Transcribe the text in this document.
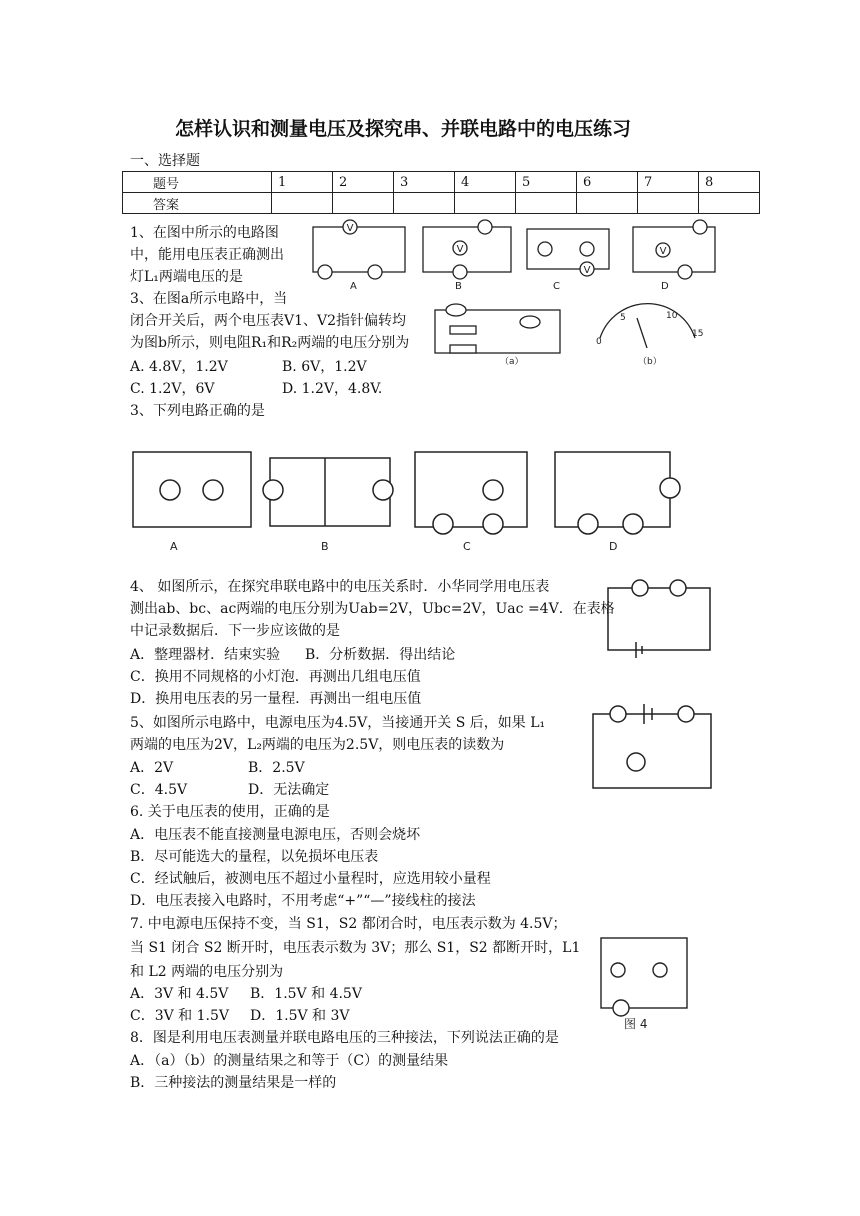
怎样认识和测量电压及探究串、并联电路中的电压练习
一、选择题
题号	1	2	3	4	5	6	7	8
答案								
1、在图中所示的电路图
中，能用电压表正确测出
灯L₁两端电压的是
V
V
V
V
A	B	C	D
3、在图a所示电路中，当
闭合开关后，两个电压表V1、V2指针偏转均
为图b所示，则电阻R₁和R₂两端的电压分别为
A. 4.8V，1.2V	B. 6V，1.2V
C. 1.2V，6V	D. 1.2V，4.8V.
（a）	（b）
0
5	10
15
3、下列电路正确的是
A	B	C	D
4、 如图所示，在探究串联电路中的电压关系时．小华同学用电压表
测出ab、bc、ac两端的电压分别为Uab=2V，Ubc=2V，Uac =4V．在表格
中记录数据后．下一步应该做的是
A．整理器材．结束实验 B．分析数据．得出结论
C．换用不同规格的小灯泡．再测出几组电压值
D．换用电压表的另一量程．再测出一组电压值
5、如图所示电路中，电源电压为4.5V，当接通开关 S 后，如果 L₁
两端的电压为2V，L₂两端的电压为2.5V，则电压表的读数为
A．2V	B．2.5V
C．4.5V	D．无法确定
6. 关于电压表的使用，正确的是
A．电压表不能直接测量电源电压，否则会烧坏
B．尽可能选大的量程，以免损坏电压表
C．经试触后，被测电压不超过小量程时，应选用较小量程
D．电压表接入电路时，不用考虑“+”“—”接线柱的接法
7. 中电源电压保持不变，当 S1，S2 都闭合时，电压表示数为 4.5V；
当 S1 闭合 S2 断开时，电压表示数为 3V；那么 S1，S2 都断开时，L1
和 L2 两端的电压分别为
A．3V 和 4.5V B．1.5V 和 4.5V
C．3V 和 1.5V D．1.5V 和 3V	图 4
8．图是利用电压表测量并联电路电压的三种接法，下列说法正确的是
A．（a）（b）的测量结果之和等于（C）的测量结果
B．三种接法的测量结果是一样的
